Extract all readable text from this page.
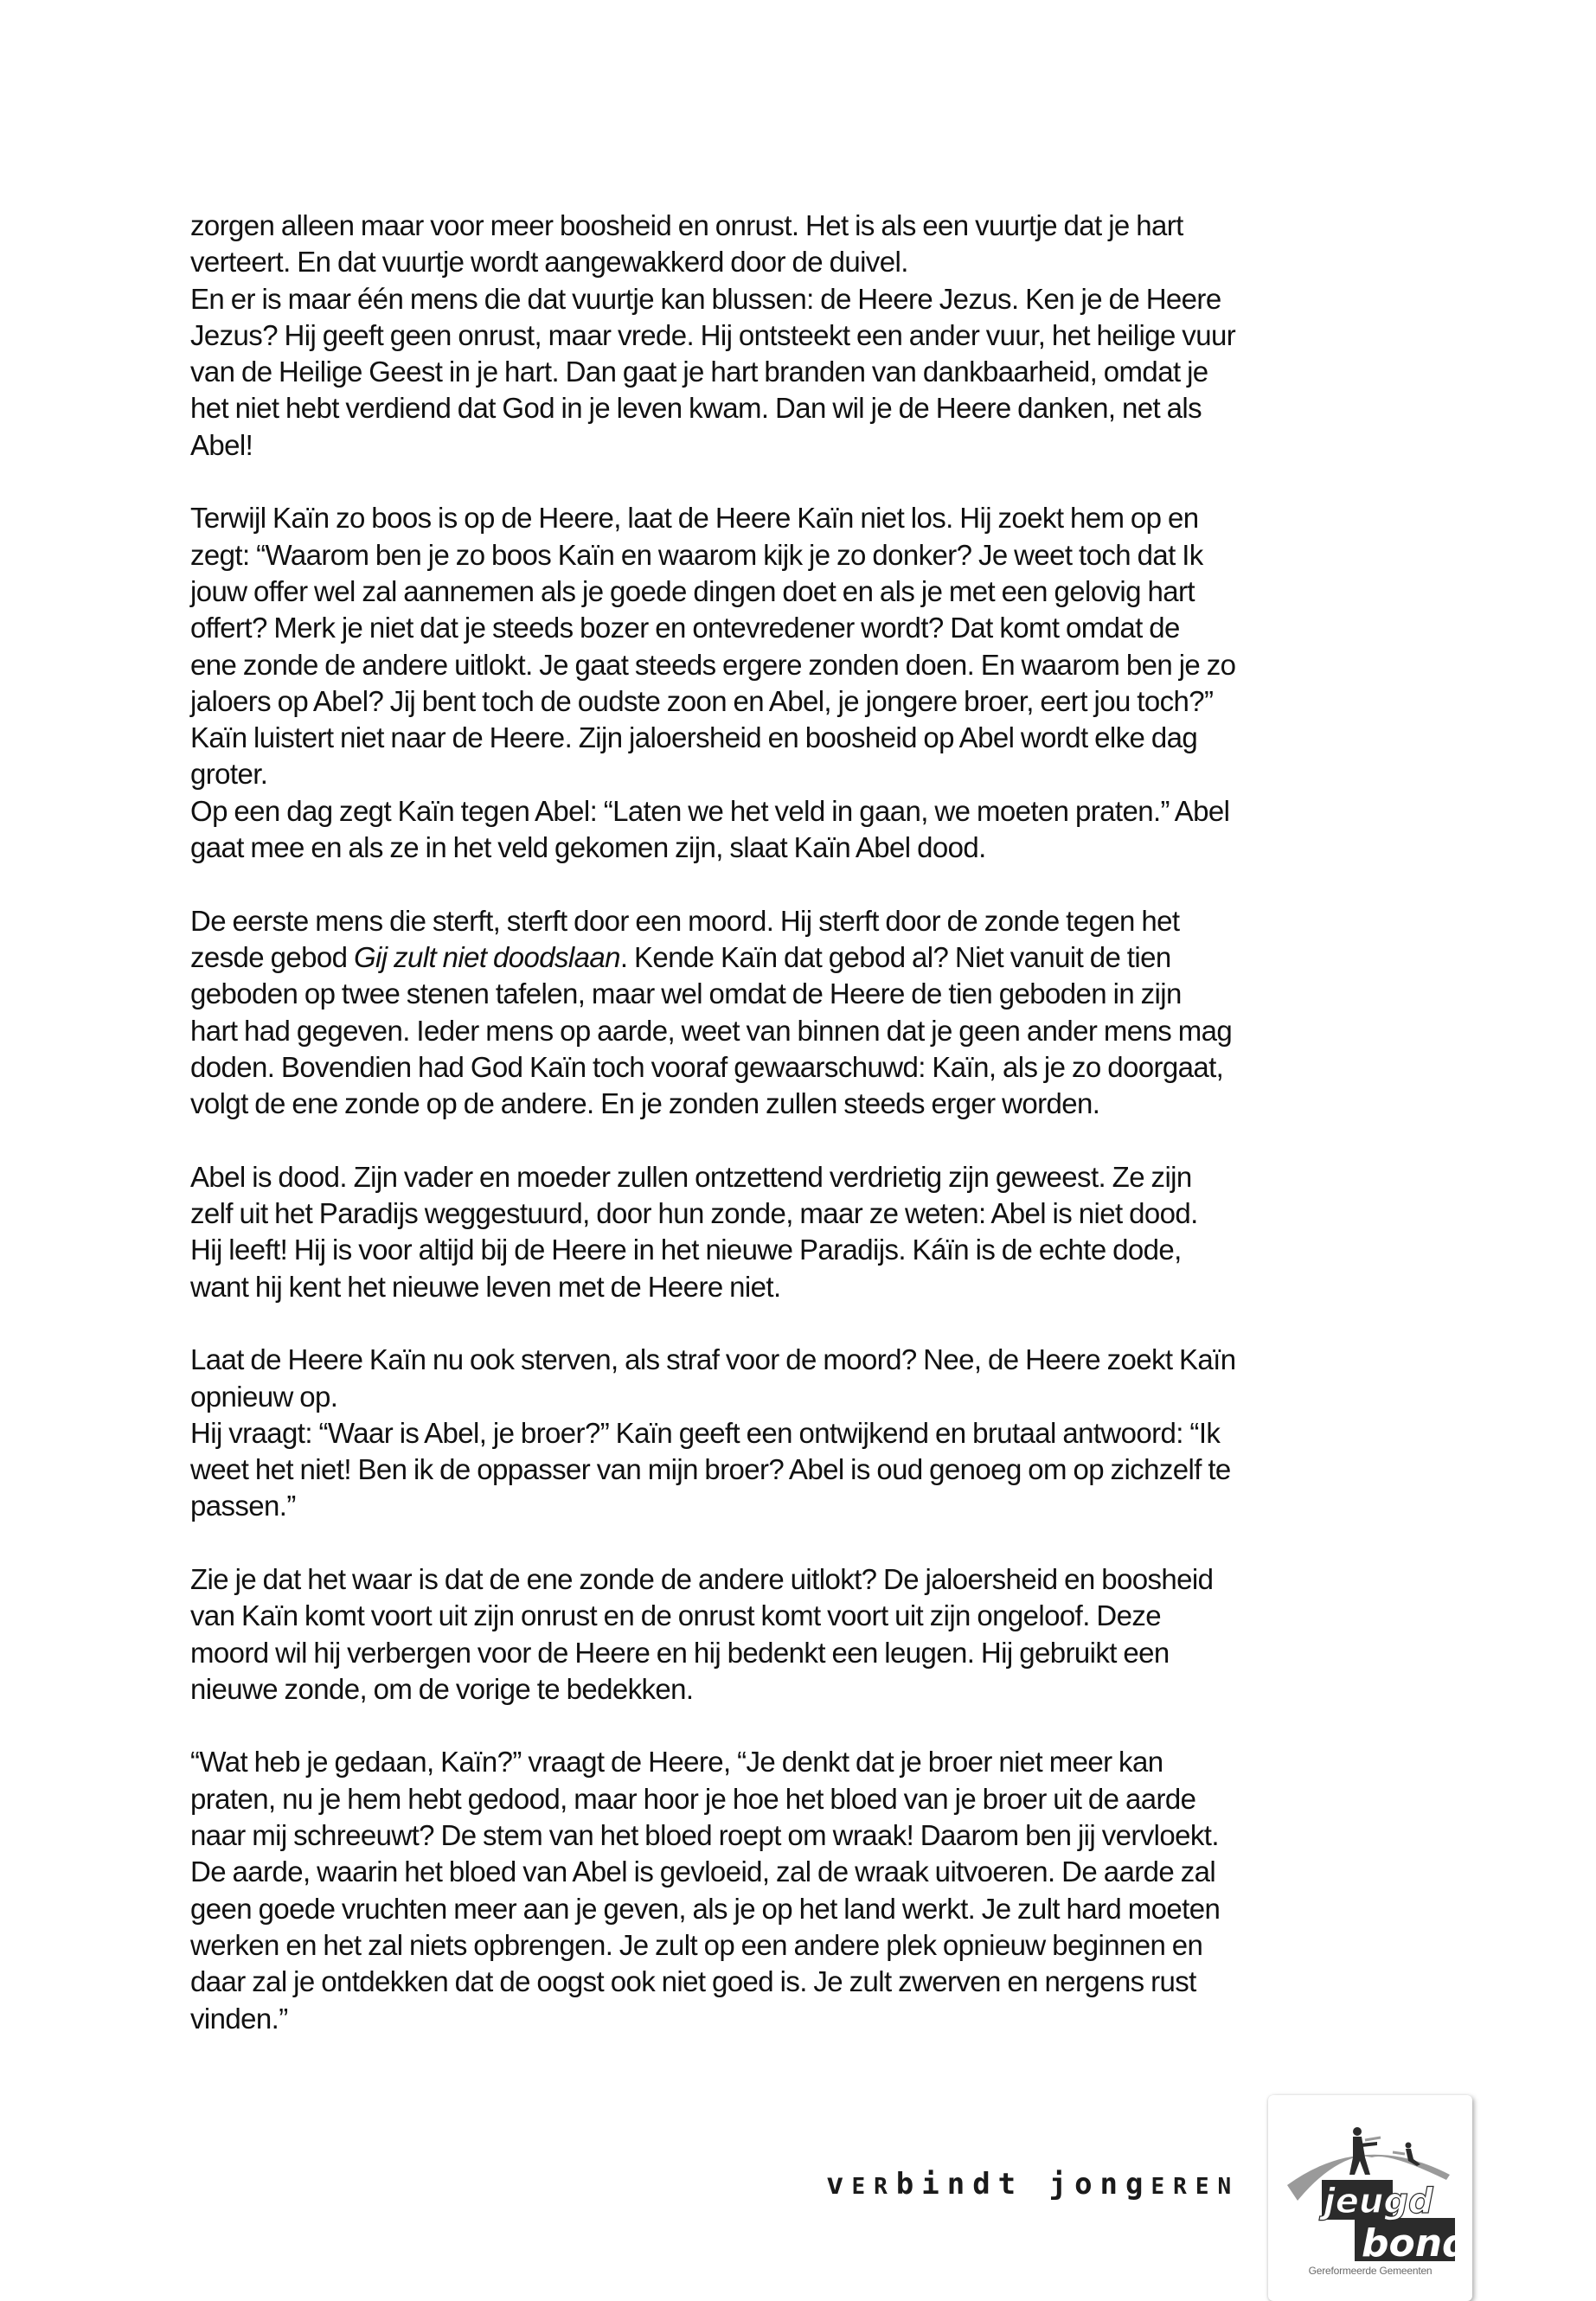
zorgen alleen maar voor meer boosheid en onrust. Het is als een vuurtje dat je hart
verteert. En dat vuurtje wordt aangewakkerd door de duivel.
En er is maar één mens die dat vuurtje kan blussen: de Heere Jezus. Ken je de Heere
Jezus? Hij geeft geen onrust, maar vrede. Hij ontsteekt een ander vuur, het heilige vuur
van de Heilige Geest in je hart. Dan gaat je hart branden van dankbaarheid, omdat je
het niet hebt verdiend dat God in je leven kwam. Dan wil je de Heere danken, net als
Abel!

Terwijl Kaïn zo boos is op de Heere, laat de Heere Kaïn niet los. Hij zoekt hem op en
zegt: “Waarom ben je zo boos Kaïn en waarom kijk je zo donker? Je weet toch dat Ik
jouw offer wel zal aannemen als je goede dingen doet en als je met een gelovig hart
offert? Merk je niet dat je steeds bozer en ontevredener wordt? Dat komt omdat de
ene zonde de andere uitlokt. Je gaat steeds ergere zonden doen. En waarom ben je zo
jaloers op Abel? Jij bent toch de oudste zoon en Abel, je jongere broer, eert jou toch?”
Kaïn luistert niet naar de Heere. Zijn jaloersheid en boosheid op Abel wordt elke dag
groter.
Op een dag zegt Kaïn tegen Abel: “Laten we het veld in gaan, we moeten praten.” Abel
gaat mee en als ze in het veld gekomen zijn, slaat Kaïn Abel dood.

De eerste mens die sterft, sterft door een moord. Hij sterft door de zonde tegen het
zesde gebod Gij zult niet doodslaan. Kende Kaïn dat gebod al? Niet vanuit de tien
geboden op twee stenen tafelen, maar wel omdat de Heere de tien geboden in zijn
hart had gegeven. Ieder mens op aarde, weet van binnen dat je geen ander mens mag
doden. Bovendien had God Kaïn toch vooraf gewaarschuwd: Kaïn, als je zo doorgaat,
volgt de ene zonde op de andere. En je zonden zullen steeds erger worden.

Abel is dood. Zijn vader en moeder zullen ontzettend verdrietig zijn geweest. Ze zijn
zelf uit het Paradijs weggestuurd, door hun zonde, maar ze weten: Abel is niet dood.
Hij leeft! Hij is voor altijd bij de Heere in het nieuwe Paradijs. Káïn is de echte dode,
want hij kent het nieuwe leven met de Heere niet.

Laat de Heere Kaïn nu ook sterven, als straf voor de moord? Nee, de Heere zoekt Kaïn
opnieuw op.
Hij vraagt: “Waar is Abel, je broer?” Kaïn geeft een ontwijkend en brutaal antwoord: “Ik
weet het niet! Ben ik de oppasser van mijn broer? Abel is oud genoeg om op zichzelf te
passen.”

Zie je dat het waar is dat de ene zonde de andere uitlokt? De jaloersheid en boosheid
van Kaïn komt voort uit zijn onrust en de onrust komt voort uit zijn ongeloof. Deze
moord wil hij verbergen voor de Heere en hij bedenkt een leugen. Hij gebruikt een
nieuwe zonde, om de vorige te bedekken.

“Wat heb je gedaan, Kaïn?” vraagt de Heere, “Je denkt dat je broer niet meer kan
praten, nu je hem hebt gedood, maar hoor je hoe het bloed van je broer uit de aarde
naar mij schreeuwt? De stem van het bloed roept om wraak! Daarom ben jij vervloekt.
De aarde, waarin het bloed van Abel is gevloeid, zal de wraak uitvoeren. De aarde zal
geen goede vruchten meer aan je geven, als je op het land werkt. Je zult hard moeten
werken en het zal niets opbrengen. Je zult op een andere plek opnieuw beginnen en
daar zal je ontdekken dat de oogst ook niet goed is. Je zult zwerven en nergens rust
vinden.”

vERbindt jongEREN jeugd
bond
Gereformeerde Gemeenten
